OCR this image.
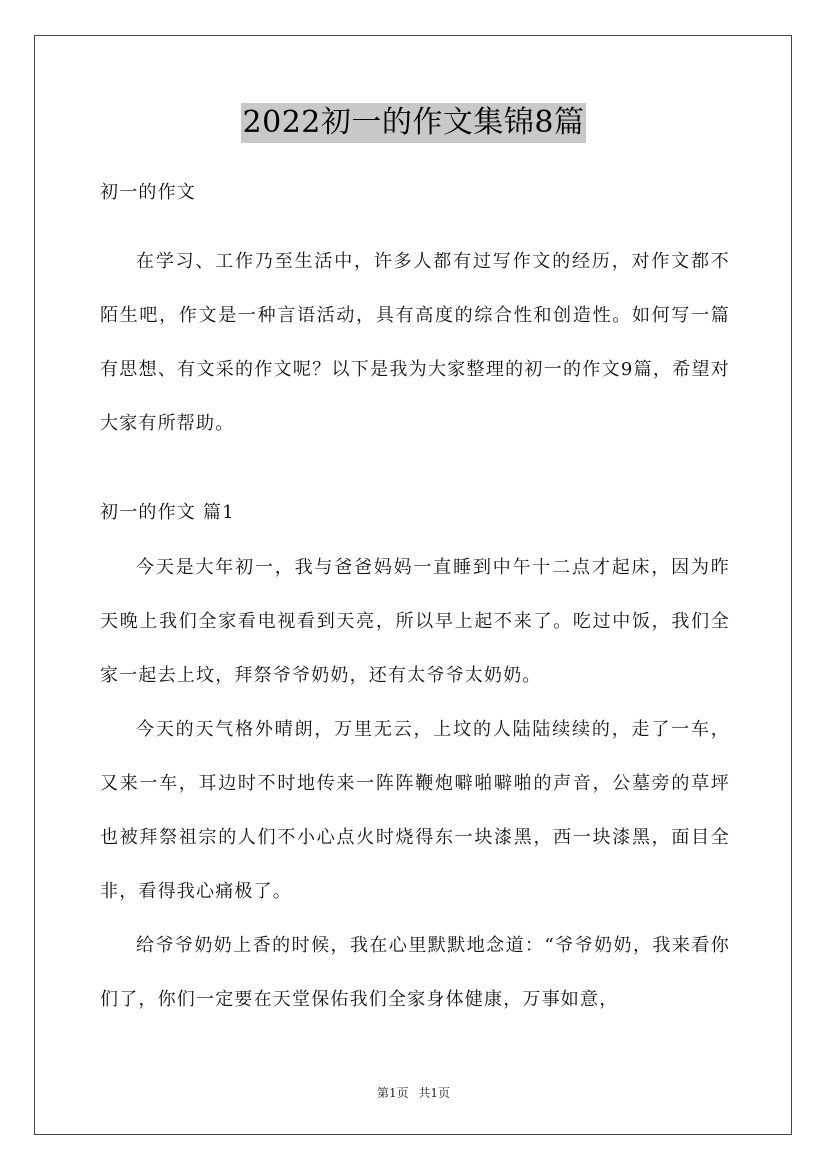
2022初一的作文集锦8篇

初一的作文

在学习、工作乃至生活中，许多人都有过写作文的经历，对作文都不陌生吧，作文是一种言语活动，具有高度的综合性和创造性。如何写一篇有思想、有文采的作文呢？以下是我为大家整理的初一的作文9篇，希望对大家有所帮助。

初一的作文 篇1

今天是大年初一，我与爸爸妈妈一直睡到中午十二点才起床，因为昨天晚上我们全家看电视看到天亮，所以早上起不来了。吃过中饭，我们全家一起去上坟，拜祭爷爷奶奶，还有太爷爷太奶奶。

今天的天气格外晴朗，万里无云，上坟的人陆陆续续的，走了一车，又来一车，耳边时不时地传来一阵阵鞭炮噼啪噼啪的声音，公墓旁的草坪也被拜祭祖宗的人们不小心点火时烧得东一块漆黑，西一块漆黑，面目全非，看得我心痛极了。

给爷爷奶奶上香的时候，我在心里默默地念道：“爷爷奶奶，我来看你们了，你们一定要在天堂保佑我们全家身体健康，万事如意，

第1页 共1页
